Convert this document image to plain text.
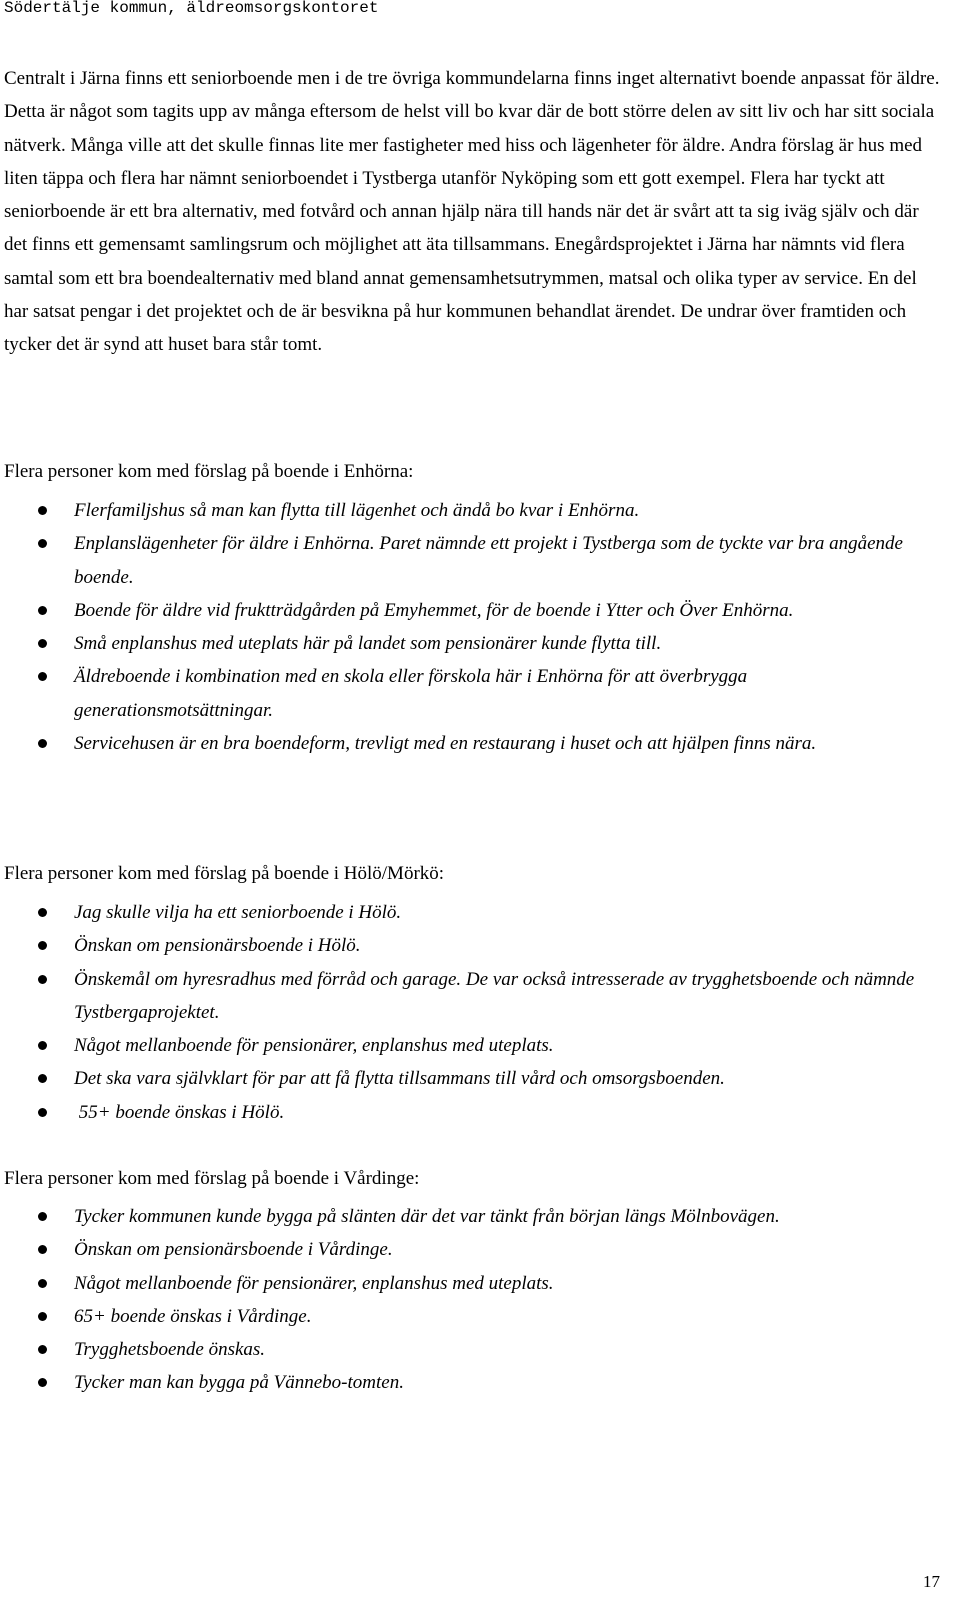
Södertälje kommun, äldreomsorgskontoret

Centralt i Järna finns ett seniorboende men i de tre övriga kommundelarna finns inget alternativt boende anpassat för äldre. Detta är något som tagits upp av många eftersom de helst vill bo kvar där de bott större delen av sitt liv och har sitt sociala nätverk. Många ville att det skulle finnas lite mer fastigheter med hiss och lägenheter för äldre. Andra förslag är hus med liten täppa och flera har nämnt seniorboendet i Tystberga utanför Nyköping som ett gott exempel. Flera har tyckt att seniorboende är ett bra alternativ, med fotvård och annan hjälp nära till hands när det är svårt att ta sig iväg själv och där det finns ett gemensamt samlingsrum och möjlighet att äta tillsammans. Enegårdsprojektet i Järna har nämnts vid flera samtal som ett bra boendealternativ med bland annat gemensamhetsutrymmen, matsal och olika typer av service. En del har satsat pengar i det projektet och de är besvikna på hur kommunen behandlat ärendet. De undrar över framtiden och tycker det är synd att huset bara står tomt.

Flera personer kom med förslag på boende i Enhörna:

Flerfamiljshus så man kan flytta till lägenhet och ändå bo kvar i Enhörna.
Enplanslägenheter för äldre i Enhörna. Paret nämnde ett projekt i Tystberga som de tyckte var bra angående boende.
Boende för äldre vid fruktträdgården på Emyhemmet, för de boende i Ytter och Över Enhörna.
Små enplanshus med uteplats här på landet som pensionärer kunde flytta till.
Äldreboende i kombination med en skola eller förskola här i Enhörna för att överbrygga generationsmotsättningar.
Servicehusen är en bra boendeform, trevligt med en restaurang i huset och att hjälpen finns nära.

Flera personer kom med förslag på boende i Hölö/Mörkö:

Jag skulle vilja ha ett seniorboende i Hölö.
Önskan om pensionärsboende i Hölö.
Önskemål om hyresradhus med förråd och garage. De var också intresserade av trygghetsboende och nämnde Tystbergaprojektet.
Något mellanboende för pensionärer, enplanshus med uteplats.
Det ska vara självklart för par att få flytta tillsammans till vård och omsorgsboenden.
55+ boende önskas i Hölö.

Flera personer kom med förslag på boende i Vårdinge:

Tycker kommunen kunde bygga på slänten där det var tänkt från början längs Mölnbovägen.
Önskan om pensionärsboende i Vårdinge.
Något mellanboende för pensionärer, enplanshus med uteplats.
65+ boende önskas i Vårdinge.
Trygghetsboende önskas.
Tycker man kan bygga på Vännebo-tomten.
17
